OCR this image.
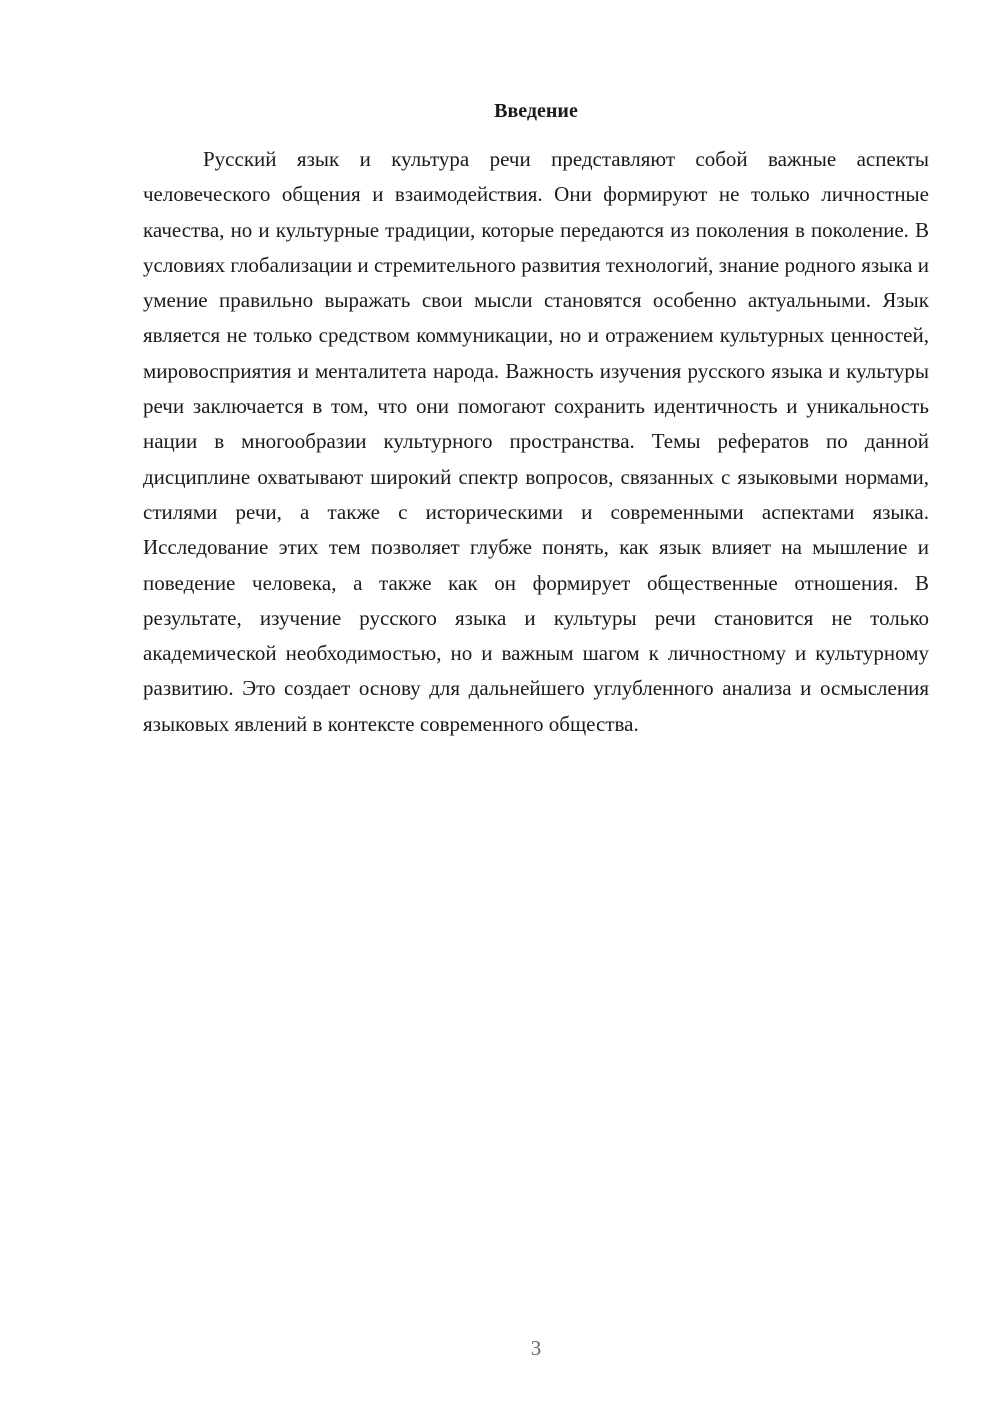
Введение

Русский язык и культура речи представляют собой важные аспекты человеческого общения и взаимодействия. Они формируют не только личностные качества, но и культурные традиции, которые передаются из поколения в поколение. В условиях глобализации и стремительного развития технологий, знание родного языка и умение правильно выражать свои мысли становятся особенно актуальными. Язык является не только средством коммуникации, но и отражением культурных ценностей, мировосприятия и менталитета народа. Важность изучения русского языка и культуры речи заключается в том, что они помогают сохранить идентичность и уникальность нации в многообразии культурного пространства. Темы рефератов по данной дисциплине охватывают широкий спектр вопросов, связанных с языковыми нормами, стилями речи, а также с историческими и современными аспектами языка. Исследование этих тем позволяет глубже понять, как язык влияет на мышление и поведение человека, а также как он формирует общественные отношения. В результате, изучение русского языка и культуры речи становится не только академической необходимостью, но и важным шагом к личностному и культурному развитию. Это создает основу для дальнейшего углубленного анализа и осмысления языковых явлений в контексте современного общества.

3
